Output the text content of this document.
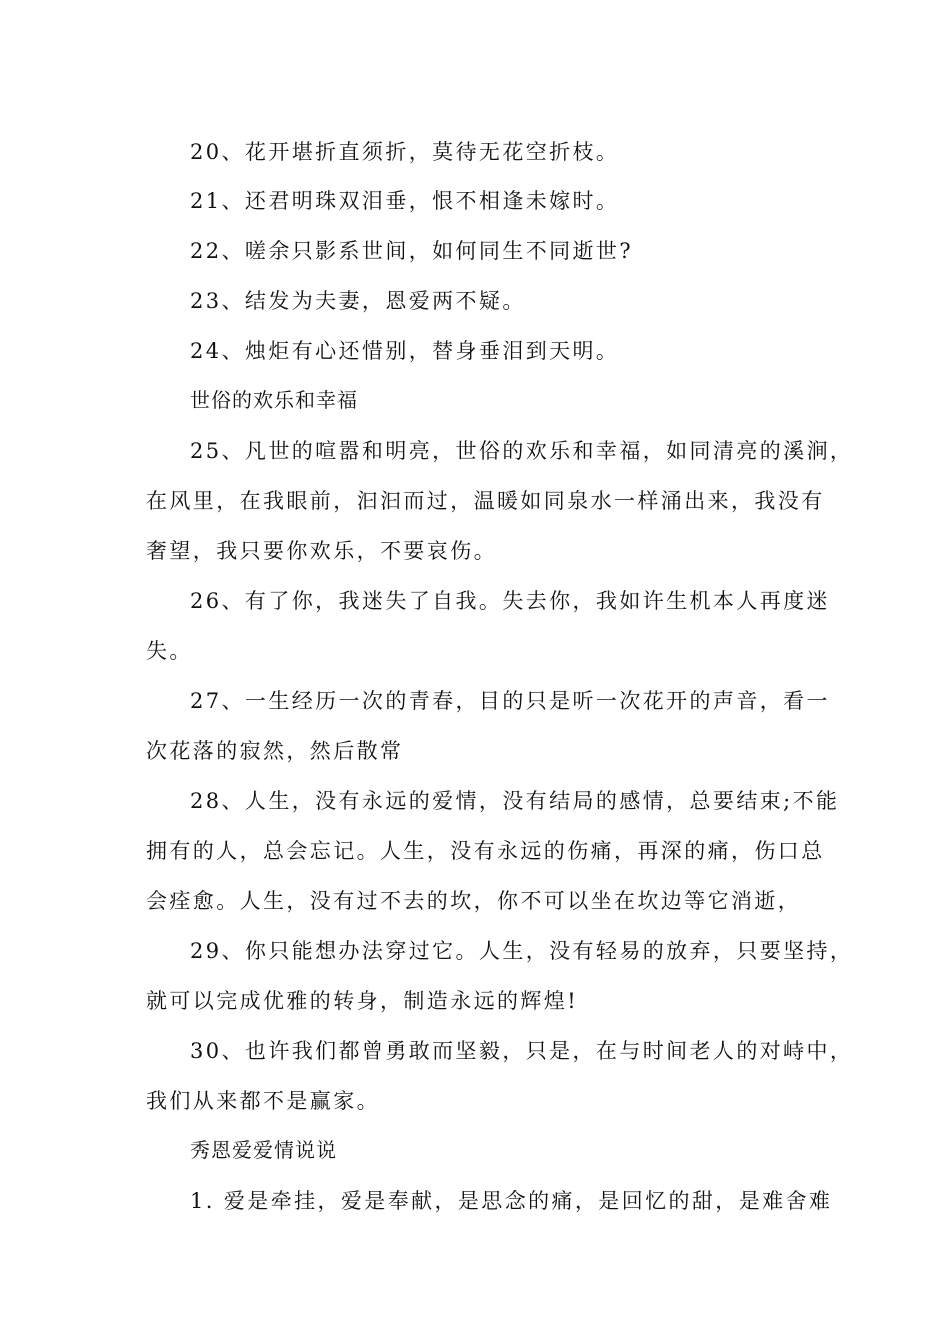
20、花开堪折直须折，莫待无花空折枝。
21、还君明珠双泪垂，恨不相逢未嫁时。
22、嗟余只影系世间，如何同生不同逝世?
23、结发为夫妻，恩爱两不疑。
24、烛炬有心还惜别，替身垂泪到天明。
世俗的欢乐和幸福
25、凡世的喧嚣和明亮，世俗的欢乐和幸福，如同清亮的溪涧，
在风里，在我眼前，汩汩而过，温暖如同泉水一样涌出来，我没有
奢望，我只要你欢乐，不要哀伤。
26、有了你，我迷失了自我。失去你，我如许生机本人再度迷
失。
27、一生经历一次的青春，目的只是听一次花开的声音，看一
次花落的寂然，然后散常
28、人生，没有永远的爱情，没有结局的感情，总要结束;不能
拥有的人，总会忘记。人生，没有永远的伤痛，再深的痛，伤口总
会痊愈。人生，没有过不去的坎，你不可以坐在坎边等它消逝，
29、你只能想办法穿过它。人生，没有轻易的放弃，只要坚持，
就可以完成优雅的转身，制造永远的辉煌!
30、也许我们都曾勇敢而坚毅，只是，在与时间老人的对峙中，
我们从来都不是赢家。
秀恩爱爱情说说
1. 爱是牵挂，爱是奉献，是思念的痛，是回忆的甜，是难舍难
